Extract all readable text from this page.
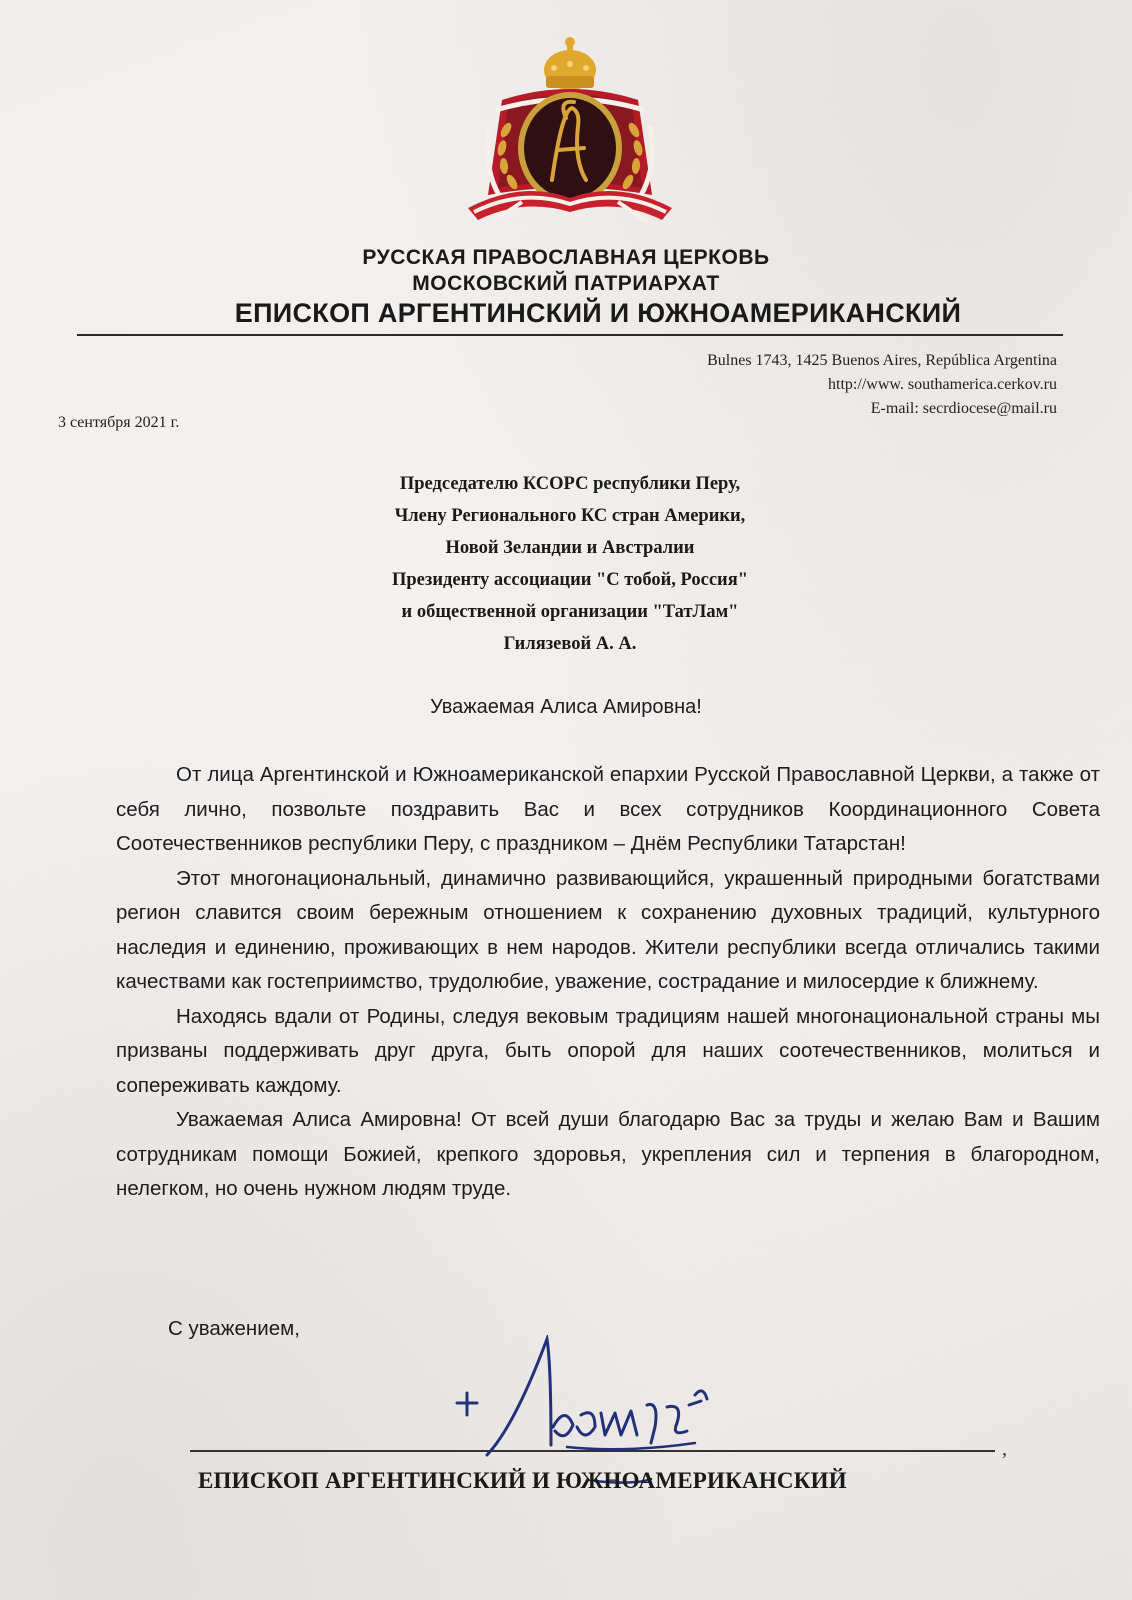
РУССКАЯ ПРАВОСЛАВНАЯ ЦЕРКОВЬ
МОСКОВСКИЙ ПАТРИАРХАТ
ЕПИСКОП АРГЕНТИНСКИЙ И ЮЖНОАМЕРИКАНСКИЙ
Bulnes 1743, 1425 Buenos Aires, República Argentina
http://www. southamerica.cerkov.ru
E-mail: secrdiocese@mail.ru
3 сентября 2021 г.
Председателю КСОРС республики Перу,
Члену Регионального КС стран Америки,
Новой Зеландии и Австралии
Президенту ассоциации "С тобой, Россия"
и общественной организации "ТатЛам"
Гилязевой А. А.
Уважаемая Алиса Амировна!

От лица Аргентинской и Южноамериканской епархии Русской Православной Церкви, а также от себя лично, позвольте поздравить Вас и всех сотрудников Координационного Совета Соотечественников республики Перу, с праздником – Днём Республики Татарстан!

Этот многонациональный, динамично развивающийся, украшенный природными богатствами регион славится своим бережным отношением к сохранению духовных традиций, культурного наследия и единению, проживающих в нем народов. Жители республики всегда отличались такими качествами как гостеприимство, трудолюбие, уважение, сострадание и милосердие к ближнему.

Находясь вдали от Родины, следуя вековым традициям нашей многонациональной страны мы призваны поддерживать друг друга, быть опорой для наших соотечественников, молиться и сопереживать каждому.

Уважаемая Алиса Амировна! От всей души благодарю Вас за труды и желаю Вам и Вашим сотрудникам помощи Божией, крепкого здоровья, укрепления сил и терпения в благородном, нелегком, но очень нужном людям труде.

С уважением,
,
ЕПИСКОП АРГЕНТИНСКИЙ И ЮЖНОАМЕРИКАНСКИЙ
